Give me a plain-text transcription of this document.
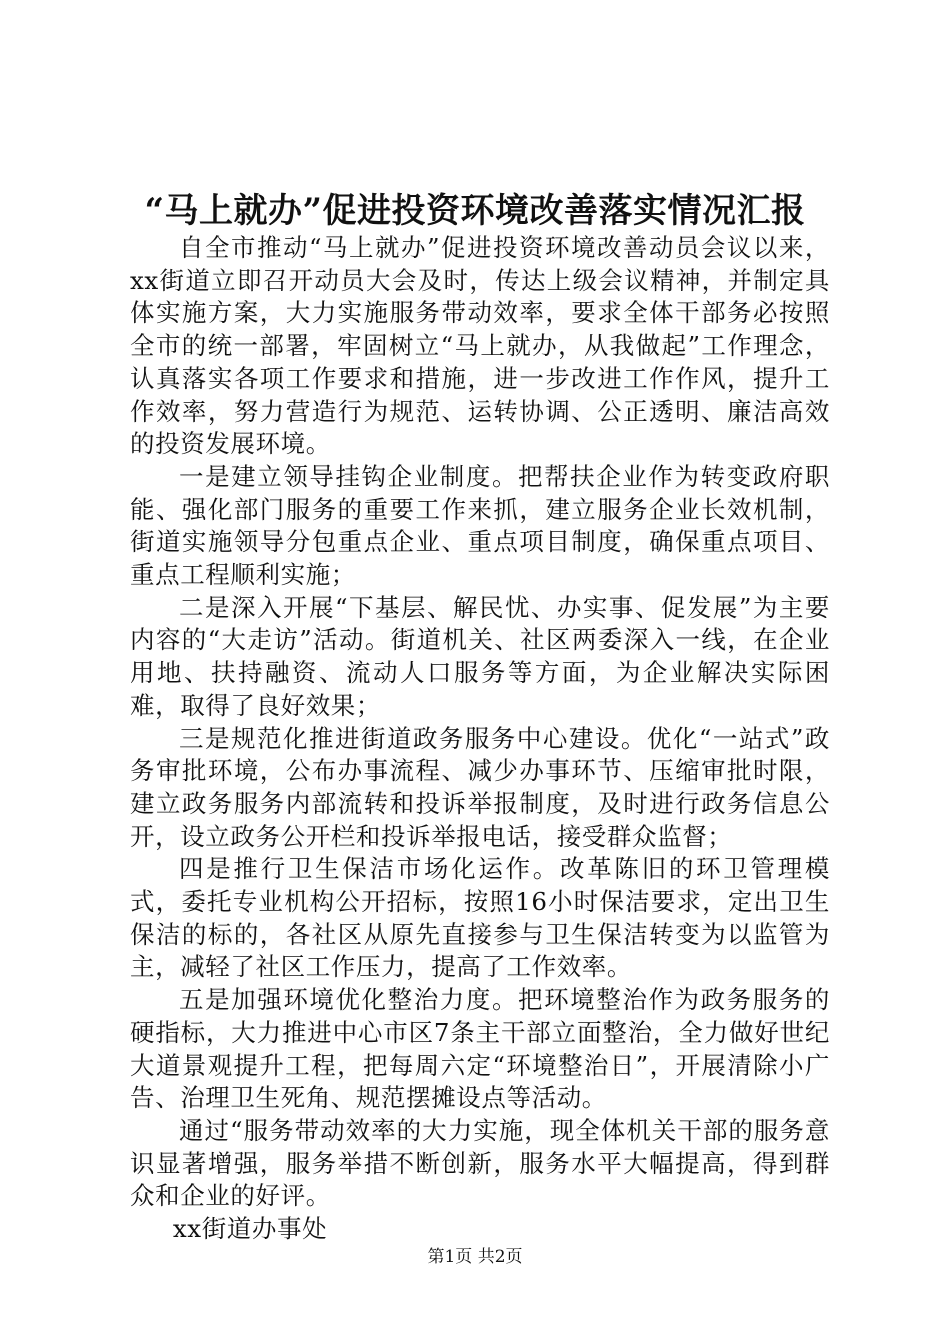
“马上就办”促进投资环境改善落实情况汇报

自全市推动“马上就办”促进投资环境改善动员会议以来，xx街道立即召开动员大会及时，传达上级会议精神，并制定具体实施方案，大力实施服务带动效率，要求全体干部务必按照全市的统一部署，牢固树立“马上就办，从我做起”工作理念，认真落实各项工作要求和措施，进一步改进工作作风，提升工作效率，努力营造行为规范、运转协调、公正透明、廉洁高效的投资发展环境。

一是建立领导挂钩企业制度。把帮扶企业作为转变政府职能、强化部门服务的重要工作来抓，建立服务企业长效机制，街道实施领导分包重点企业、重点项目制度，确保重点项目、重点工程顺利实施；

二是深入开展“下基层、解民忧、办实事、促发展”为主要内容的“大走访”活动。街道机关、社区两委深入一线，在企业用地、扶持融资、流动人口服务等方面，为企业解决实际困难，取得了良好效果；

三是规范化推进街道政务服务中心建设。优化“一站式”政务审批环境，公布办事流程、减少办事环节、压缩审批时限，建立政务服务内部流转和投诉举报制度，及时进行政务信息公开，设立政务公开栏和投诉举报电话，接受群众监督；

四是推行卫生保洁市场化运作。改革陈旧的环卫管理模式，委托专业机构公开招标，按照16小时保洁要求，定出卫生保洁的标的，各社区从原先直接参与卫生保洁转变为以监管为主，减轻了社区工作压力，提高了工作效率。

五是加强环境优化整治力度。把环境整治作为政务服务的硬指标，大力推进中心市区7条主干部立面整治，全力做好世纪大道景观提升工程，把每周六定“环境整治日”，开展清除小广告、治理卫生死角、规范摆摊设点等活动。

通过“服务带动效率的大力实施，现全体机关干部的服务意识显著增强，服务举措不断创新，服务水平大幅提高，得到群众和企业的好评。

xx街道办事处

第1页 共2页
